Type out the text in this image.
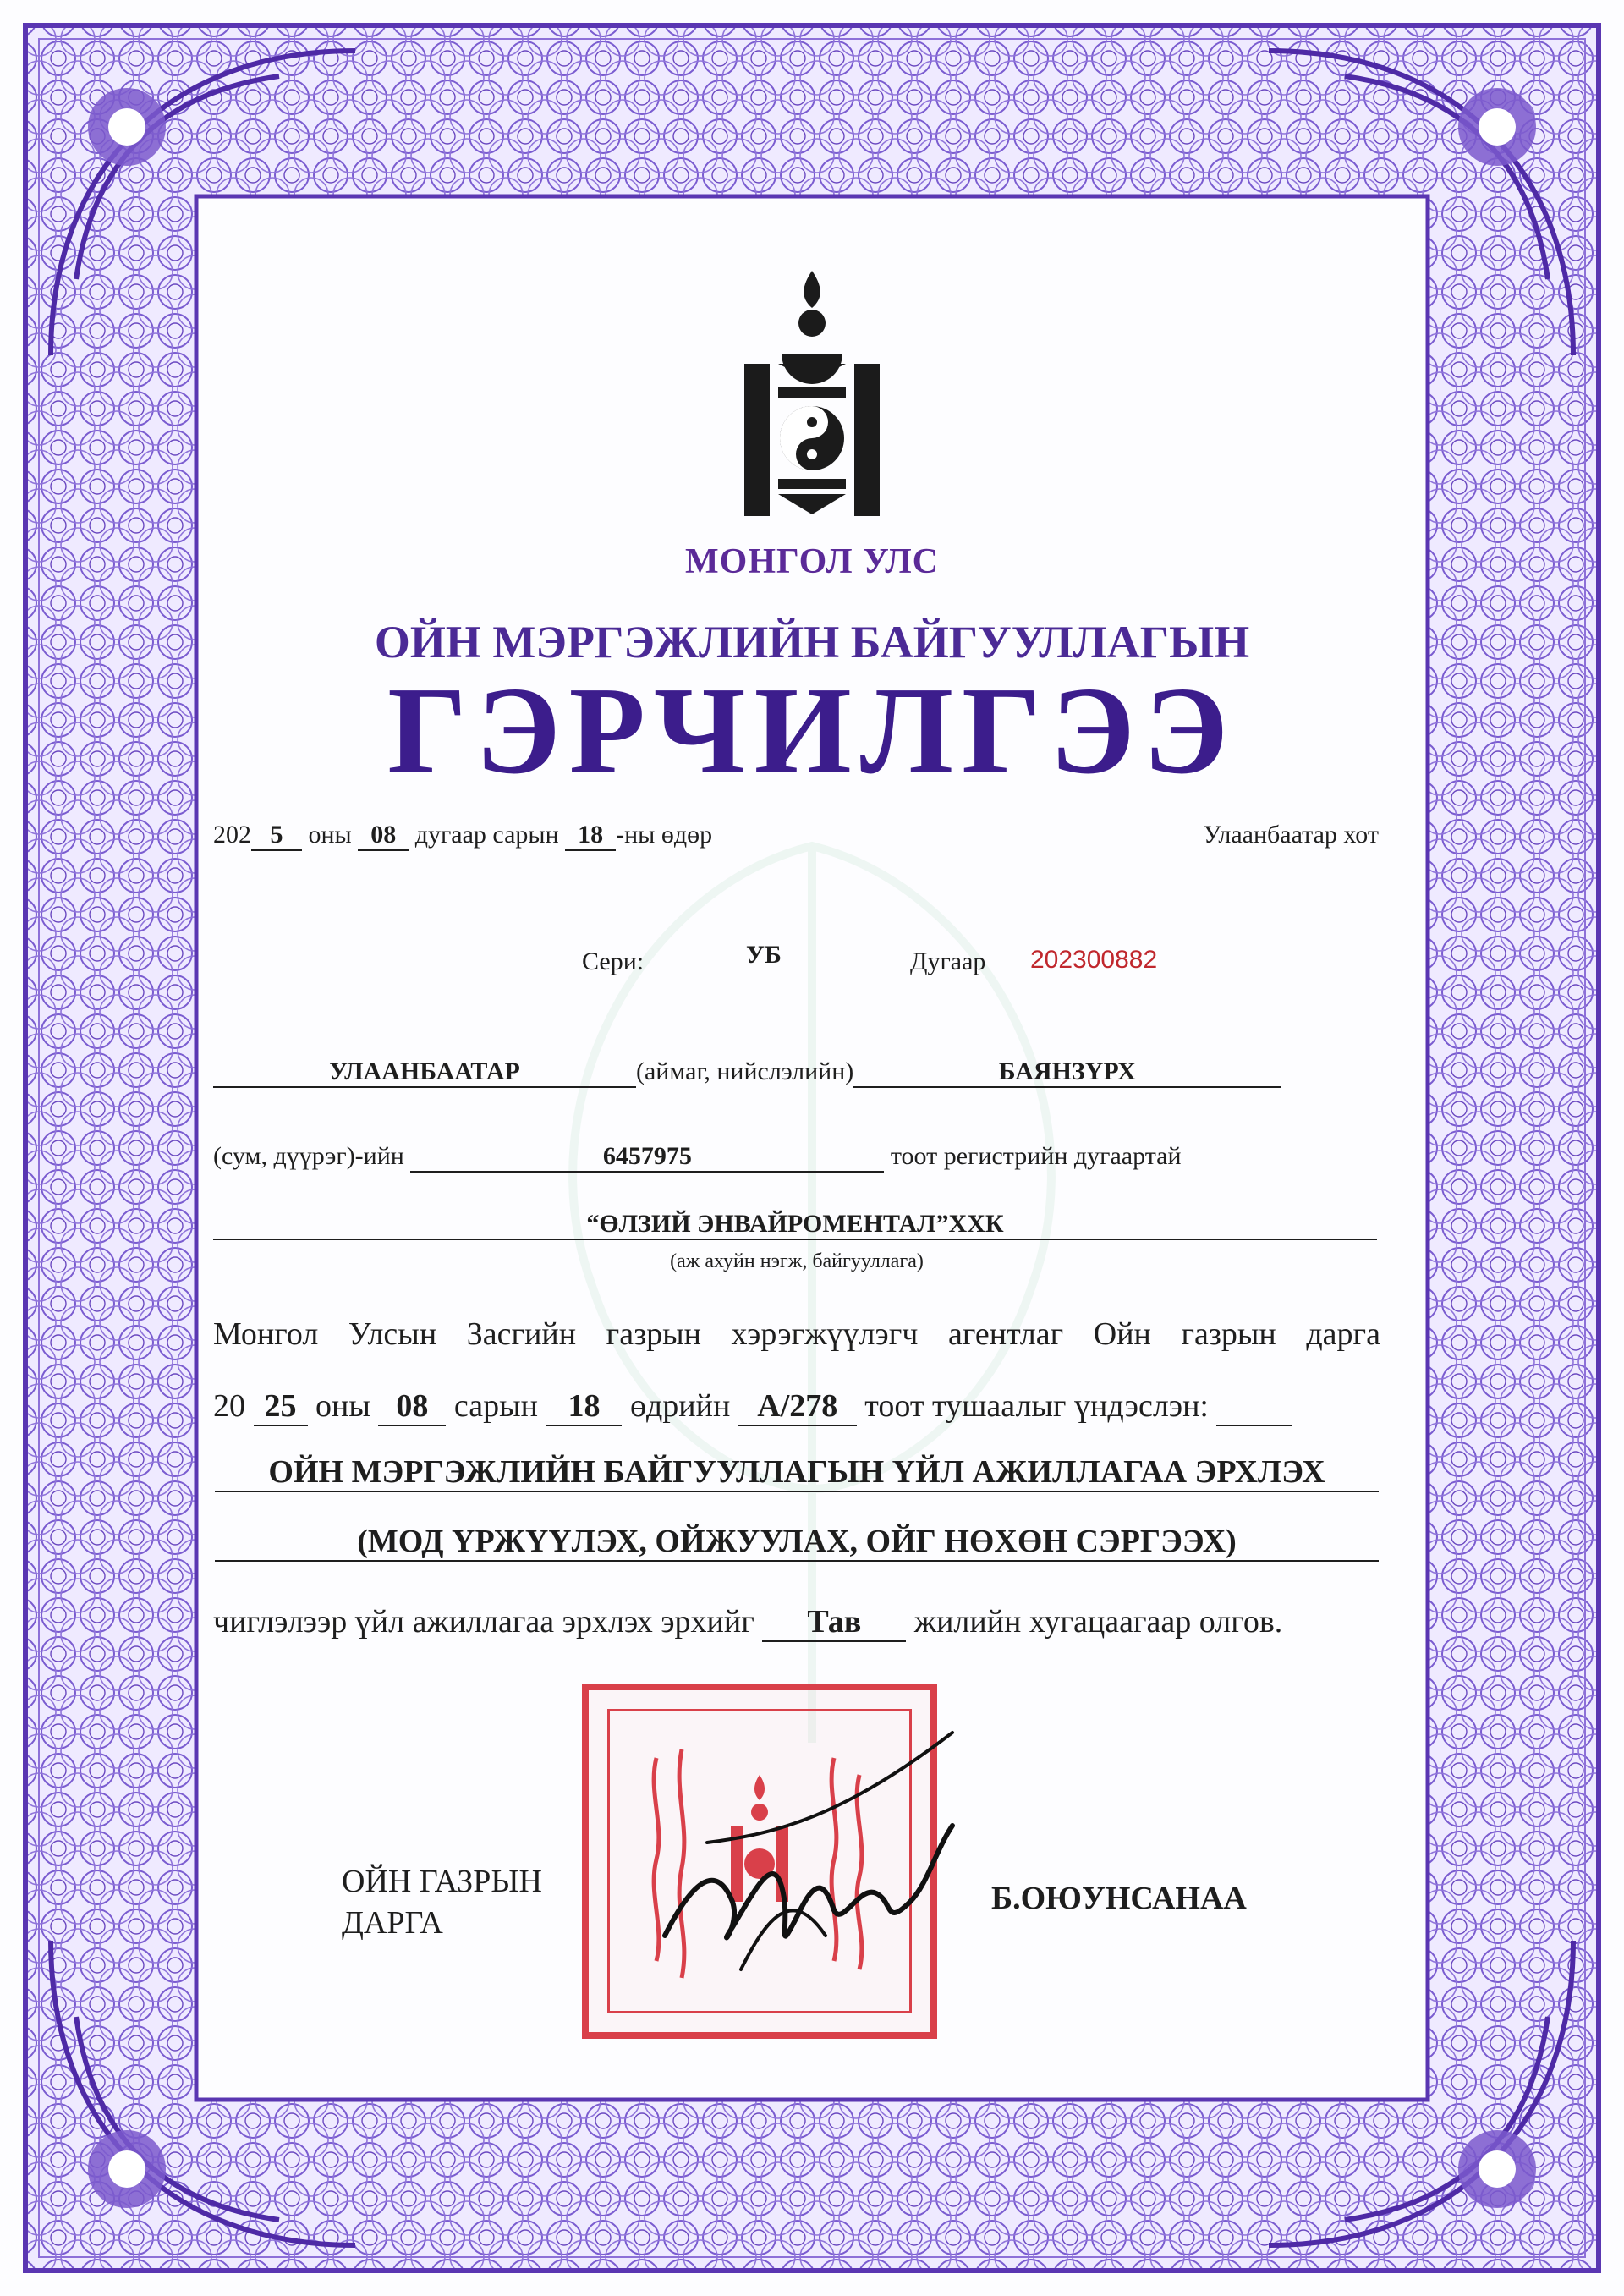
МОНГОЛ УЛС
ОЙН МЭРГЭЖЛИЙН БАЙГУУЛЛАГЫН
ГЭРЧИЛГЭЭ
202 5 оны 08 дугаар сарын 18 -ны өдөр	Улаанбаатар хот
Сери:	УБ	Дугаар 202300882
УЛААНБААТАР	(аймаг, нийслэлийн)	БАЯНЗҮРХ
(сум, дүүрэг)-ийн	6457975	тоот регистрийн дугаартай
“ӨЛЗИЙ ЭНВАЙРОМЕНТАЛ”ХХК
(аж ахуйн нэгж, байгууллага)
Монгол Улсын Засгийн газрын хэрэгжүүлэгч агентлаг Ойн газрын дарга
20 25 оны 08 сарын 18 өдрийн А/278 тоот тушаалыг үндэслэн:
ОЙН МЭРГЭЖЛИЙН БАЙГУУЛЛАГЫН ҮЙЛ АЖИЛЛАГАА ЭРХЛЭХ
(МОД ҮРЖҮҮЛЭХ, ОЙЖУУЛАХ, ОЙГ НӨХӨН СЭРГЭЭХ)
чиглэлээр үйл ажиллагаа эрхлэх эрхийг Тав жилийн хугацаагаар олгов.
ОЙН ГАЗРЫН
ДАРГА
Б.ОЮУНСАНАА
